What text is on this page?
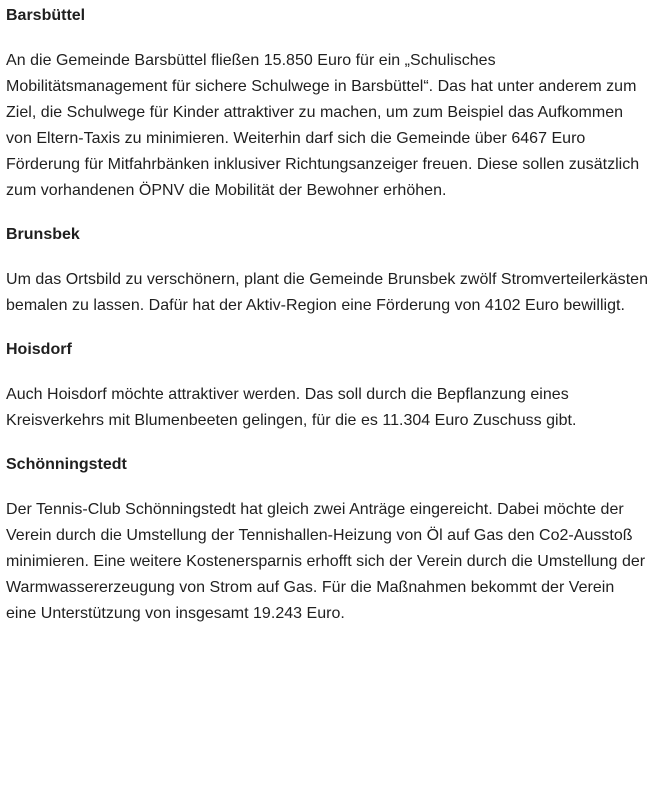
Barsbüttel

An die Gemeinde Barsbüttel fließen 15.850 Euro für ein „Schulisches Mobilitätsmanagement für sichere Schulwege in Barsbüttel“. Das hat unter anderem zum Ziel, die Schulwege für Kinder attraktiver zu machen, um zum Beispiel das Aufkommen von Eltern-Taxis zu minimieren. Weiterhin darf sich die Gemeinde über 6467 Euro Förderung für Mitfahrbänken inklusiver Richtungsanzeiger freuen. Diese sollen zusätzlich zum vorhandenen ÖPNV die Mobilität der Bewohner erhöhen.

Brunsbek

Um das Ortsbild zu verschönern, plant die Gemeinde Brunsbek zwölf Stromverteilerkästen bemalen zu lassen. Dafür hat der Aktiv-Region eine Förderung von 4102 Euro bewilligt.

Hoisdorf

Auch Hoisdorf möchte attraktiver werden. Das soll durch die Bepflanzung eines Kreisverkehrs mit Blumenbeeten gelingen, für die es 11.304 Euro Zuschuss gibt.

Schönningstedt

Der Tennis-Club Schönningstedt hat gleich zwei Anträge eingereicht. Dabei möchte der Verein durch die Umstellung der Tennishallen-Heizung von Öl auf Gas den Co2-Ausstoß minimieren. Eine weitere Kostenersparnis erhofft sich der Verein durch die Umstellung der Warmwassererzeugung von Strom auf Gas. Für die Maßnahmen bekommt der Verein eine Unterstützung von insgesamt 19.243 Euro.
